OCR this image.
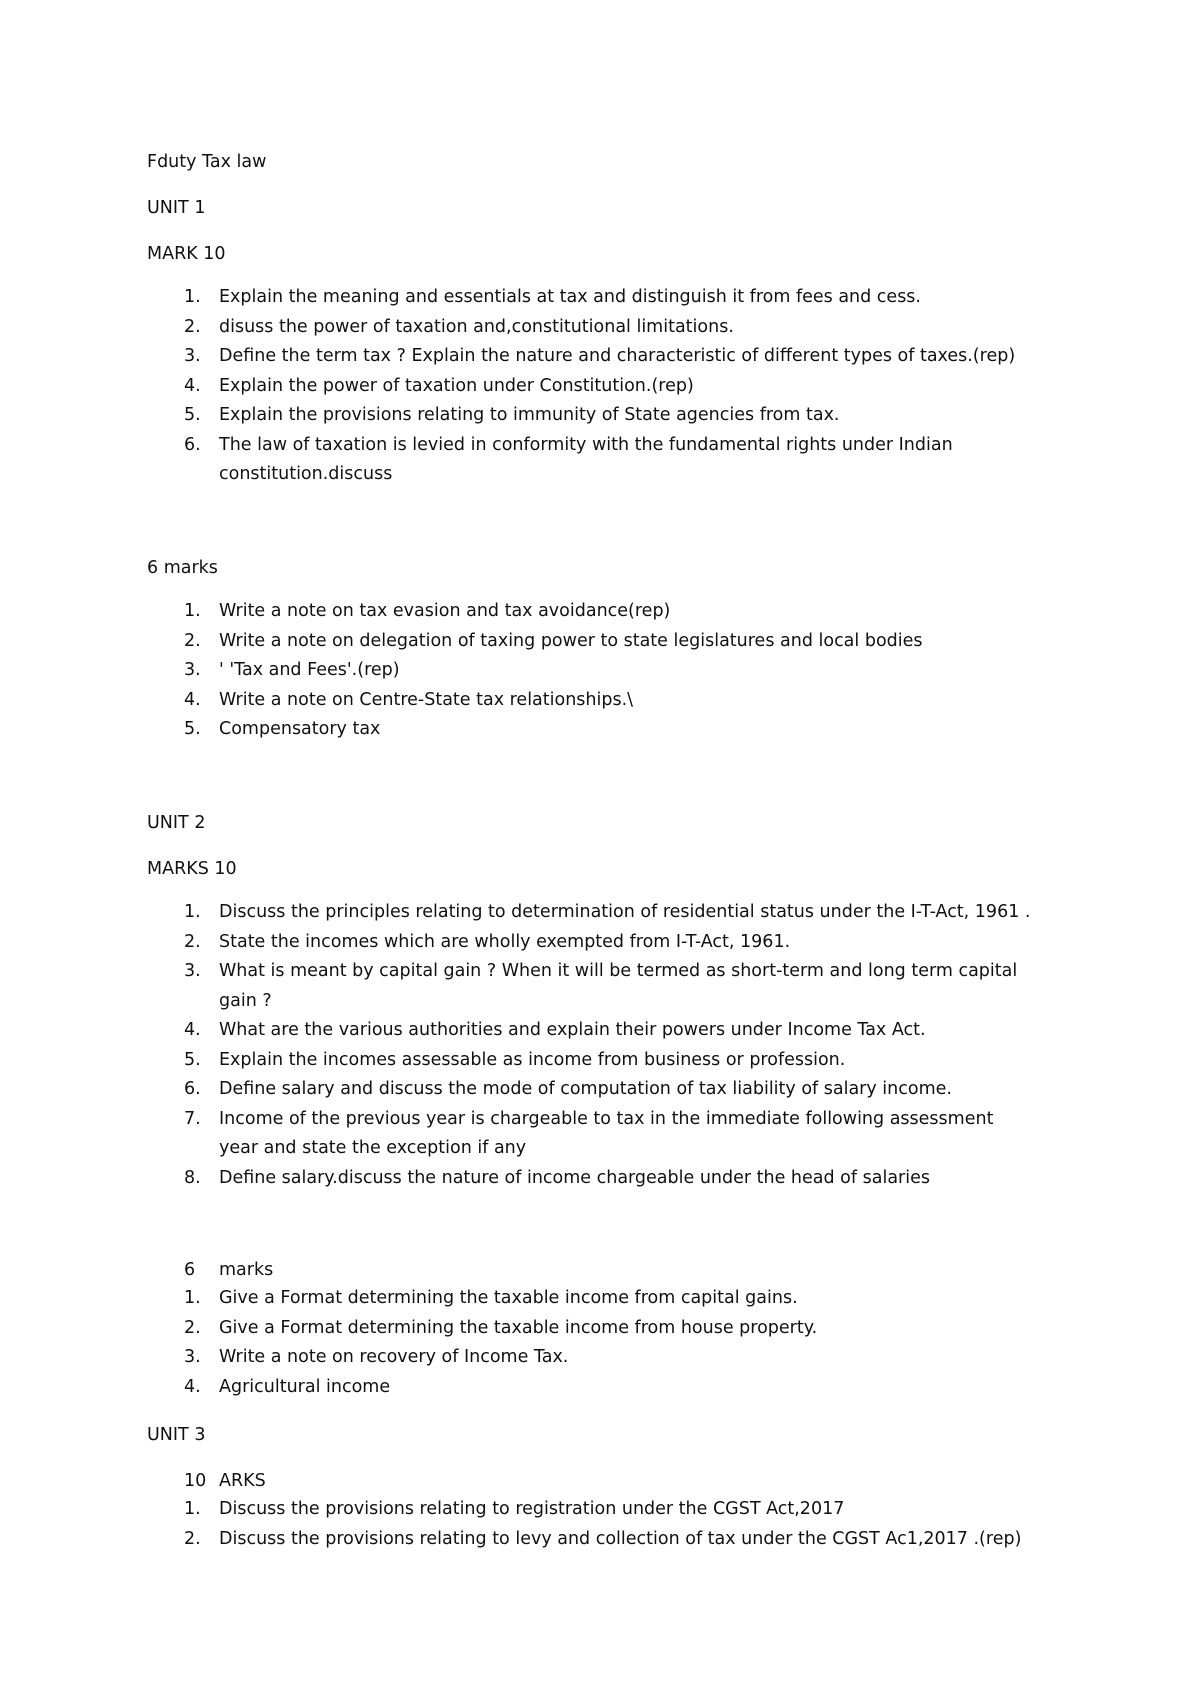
Fduty Tax law

UNIT 1

MARK 10

1.	Explain the meaning and essentials at tax and distinguish it from fees and cess.
2.	disuss the power of taxation and,constitutional limitations.
3.	Define the term tax ? Explain the nature and characteristic of different types of taxes.(rep)
4.	Explain the power of taxation under Constitution.(rep)
5.	Explain the provisions relating to immunity of State agencies from tax.
6.	The law of taxation is levied in conformity with the fundamental rights under Indian
constitution.discuss

6 marks

1.	Write a note on tax evasion and tax avoidance(rep)
2.	Write a note on delegation of taxing power to state legislatures and local bodies
3.	' 'Tax and Fees'.(rep)
4.	Write a note on Centre-State tax relationships.\
5.	Compensatory tax

UNIT 2

MARKS 10

1.	Discuss the principles relating to determination of residential status under the I-T-Act, 1961 .
2.	State the incomes which are wholly exempted from I-T-Act, 1961.
3.	What is meant by capital gain ? When it will be termed as short-term and long term capital
gain ?
4.	What are the various authorities and explain their powers under Income Tax Act.
5.	Explain the incomes assessable as income from business or profession.
6.	Define salary and discuss the mode of computation of tax liability of salary income.
7.	Income of the previous year is chargeable to tax in the immediate following assessment
year and state the exception if any
8.	Define salary.discuss the nature of income chargeable under the head of salaries
6 marks
1.	Give a Format determining the taxable income from capital gains.
2.	Give a Format determining the taxable income from house property.
3.	Write a note on recovery of Income Tax.
4.	Agricultural income

UNIT 3

10 ARKS
1.	Discuss the provisions relating to registration under the CGST Act,2017
2.	Discuss the provisions relating to levy and collection of tax under the CGST Ac1,2017 .(rep)
